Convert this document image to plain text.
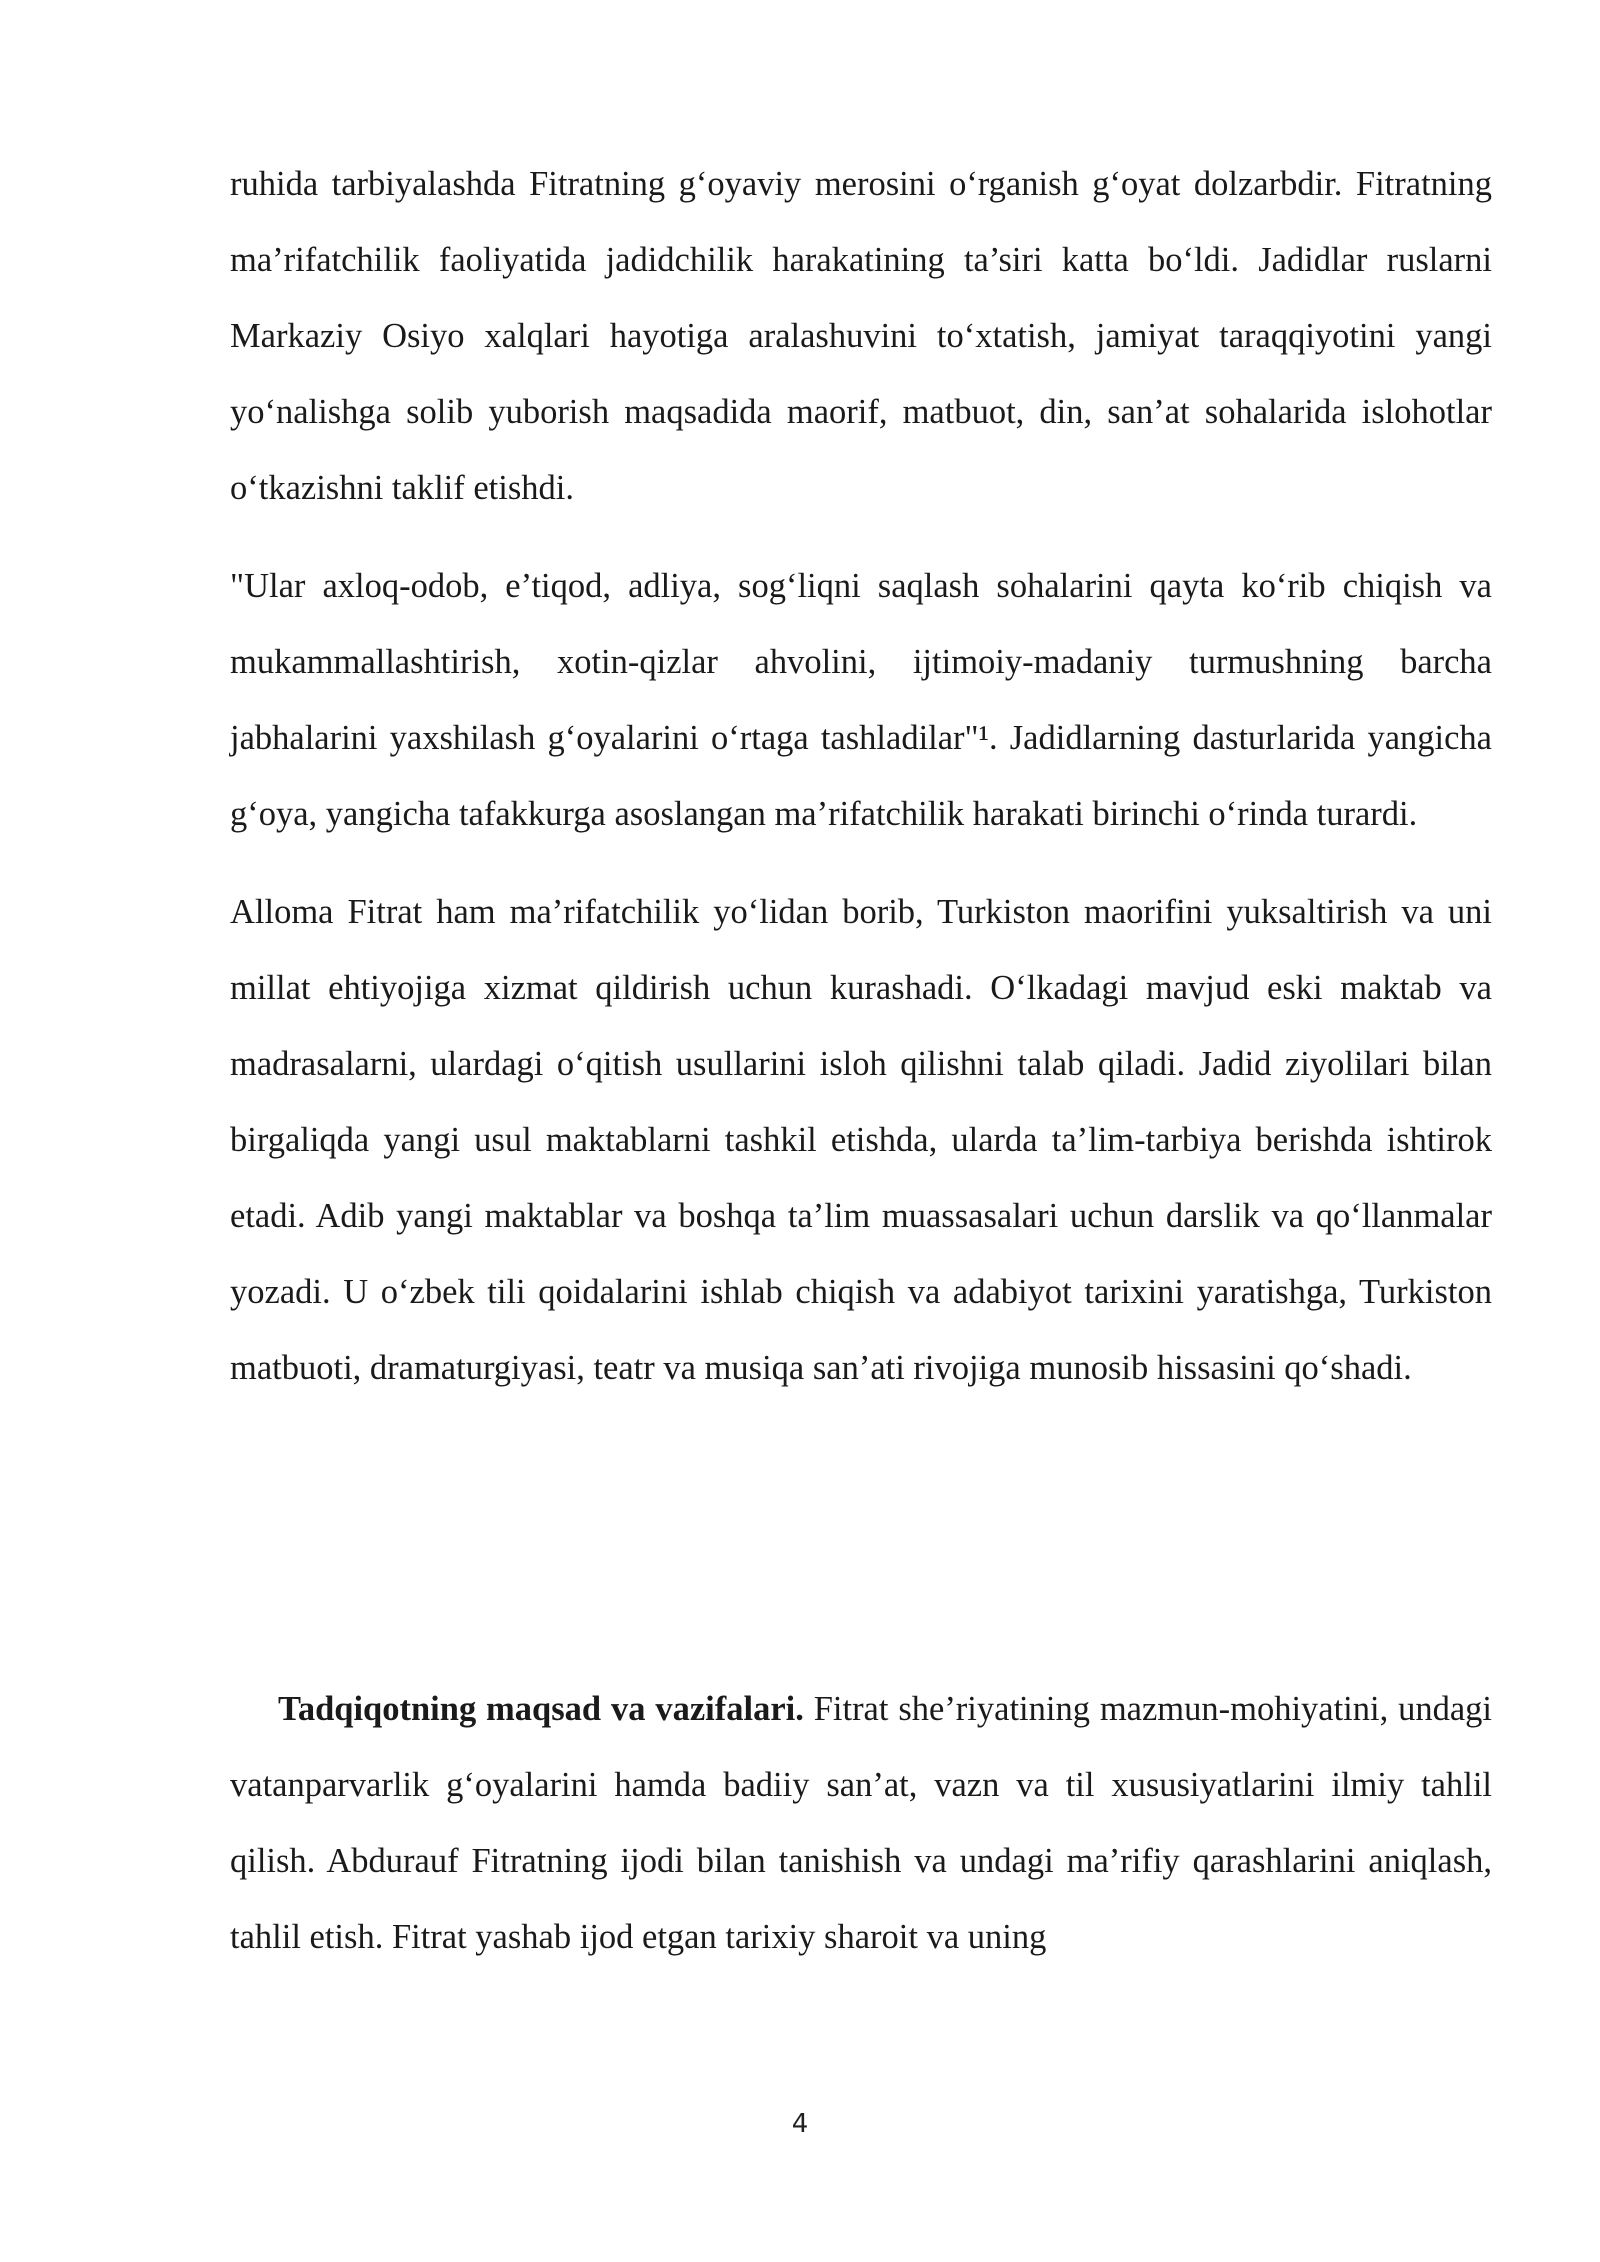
ruhida tarbiyalashda Fitratning g‘oyaviy merosini o‘rganish g‘oyat dolzarbdir. Fitratning ma’rifatchilik faoliyatida jadidchilik harakatining ta’siri katta bo‘ldi. Jadidlar ruslarni Markaziy Osiyo xalqlari hayotiga aralashuvini to‘xtatish, jamiyat taraqqiyotini yangi yo‘nalishga solib yuborish maqsadida maorif, matbuot, din, san’at sohalarida islohotlar o‘tkazishni taklif etishdi.

"Ular axloq-odob, e’tiqod, adliya, sog‘liqni saqlash sohalarini qayta ko‘rib chiqish va mukammallashtirish, xotin-qizlar ahvolini, ijtimoiy-madaniy turmushning barcha jabhalarini yaxshilash g‘oyalarini o‘rtaga tashladilar"¹. Jadidlarning dasturlarida yangicha g‘oya, yangicha tafakkurga asoslangan ma’rifatchilik harakati birinchi o‘rinda turardi.

Alloma Fitrat ham ma’rifatchilik yo‘lidan borib, Turkiston maorifini yuksaltirish va uni millat ehtiyojiga xizmat qildirish uchun kurashadi. O‘lkadagi mavjud eski maktab va madrasalarni, ulardagi o‘qitish usullarini isloh qilishni talab qiladi. Jadid ziyolilari bilan birgaliqda yangi usul maktablarni tashkil etishda, ularda ta’lim-tarbiya berishda ishtirok etadi. Adib yangi maktablar va boshqa ta’lim muassasalari uchun darslik va qo‘llanmalar yozadi. U o‘zbek tili qoidalarini ishlab chiqish va adabiyot tarixini yaratishga, Turkiston matbuoti, dramaturgiyasi, teatr va musiqa san’ati rivojiga munosib hissasini qo‘shadi.

Tadqiqotning maqsad va vazifalari. Fitrat she’riyatining mazmun-mohiyatini, undagi vatanparvarlik g‘oyalarini hamda badiiy san’at, vazn va til xususiyatlarini ilmiy tahlil qilish. Abdurauf Fitratning ijodi bilan tanishish va undagi ma’rifiy qarashlarini aniqlash, tahlil etish. Fitrat yashab ijod etgan tarixiy sharoit va uning

4
